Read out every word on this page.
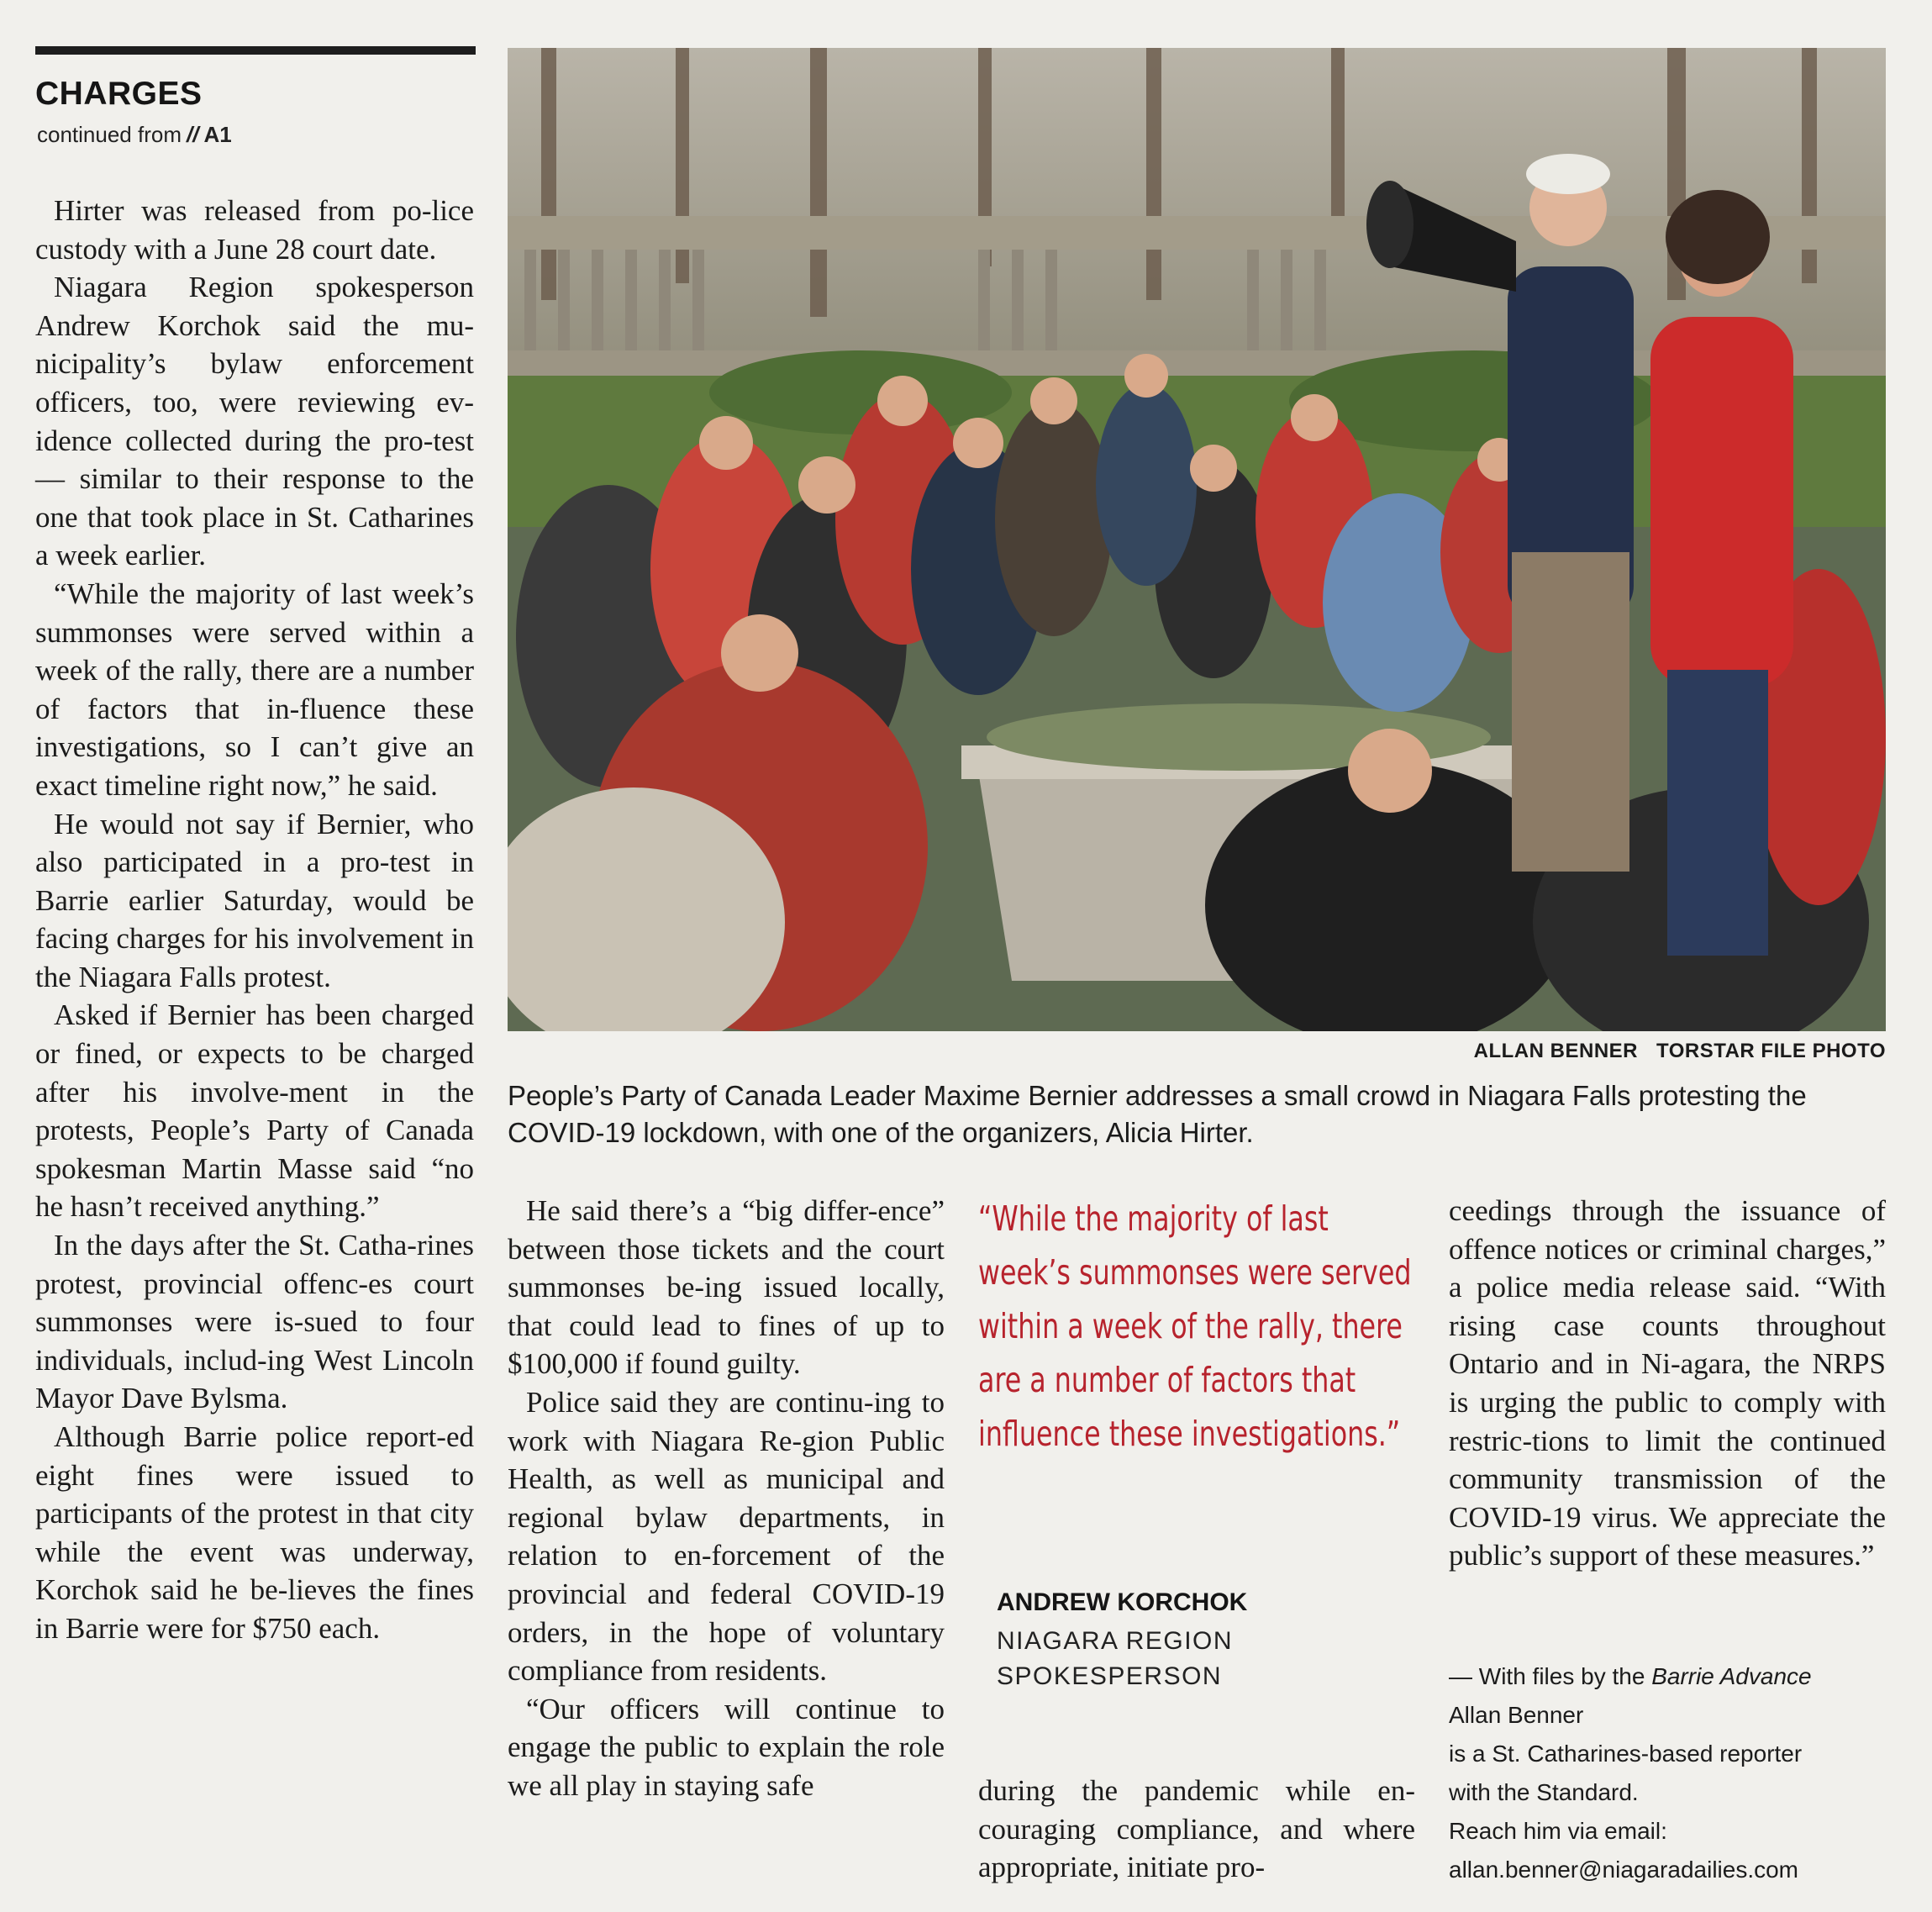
CHARGES
continued from // A1

Hirter was released from po-lice custody with a June 28 court date.

Niagara Region spokesperson Andrew Korchok said the mu-nicipality’s bylaw enforcement officers, too, were reviewing ev-idence collected during the pro-test — similar to their response to the one that took place in St. Catharines a week earlier.

“While the majority of last week’s summonses were served within a week of the rally, there are a number of factors that in-fluence these investigations, so I can’t give an exact timeline right now,” he said.

He would not say if Bernier, who also participated in a pro-test in Barrie earlier Saturday, would be facing charges for his involvement in the Niagara Falls protest.

Asked if Bernier has been charged or fined, or expects to be charged after his involve-ment in the protests, People’s Party of Canada spokesman Martin Masse said “no he hasn’t received anything.”

In the days after the St. Catha-rines protest, provincial offenc-es court summonses were is-sued to four individuals, includ-ing West Lincoln Mayor Dave Bylsma.

Although Barrie police report-ed eight fines were issued to participants of the protest in that city while the event was underway, Korchok said he be-lieves the fines in Barrie were for $750 each.

ALLAN BENNER TORSTAR FILE PHOTO
People’s Party of Canada Leader Maxime Bernier addresses a small crowd in Niagara Falls protesting the COVID-19 lockdown, with one of the organizers, Alicia Hirter.

He said there’s a “big differ-ence” between those tickets and the court summonses be-ing issued locally, that could lead to fines of up to $100,000 if found guilty.

Police said they are continu-ing to work with Niagara Re-gion Public Health, as well as municipal and regional bylaw departments, in relation to en-forcement of the provincial and federal COVID-19 orders, in the hope of voluntary compliance from residents.

“Our officers will continue to engage the public to explain the role we all play in staying safe

“While the majority of last week’s summonses were served within a week of the rally, there are a number of factors that influence these investigations.”
ANDREW KORCHOK
NIAGARA REGION
SPOKESPERSON

during the pandemic while en-couraging compliance, and where appropriate, initiate pro-

ceedings through the issuance of offence notices or criminal charges,” a police media release said. “With rising case counts throughout Ontario and in Ni-agara, the NRPS is urging the public to comply with restric-tions to limit the continued community transmission of the COVID-19 virus. We appreciate the public’s support of these measures.”

— With files by the Barrie Advance
Allan Benner
is a St. Catharines-based reporter
with the Standard.
Reach him via email:
allan.benner@niagaradailies.com
